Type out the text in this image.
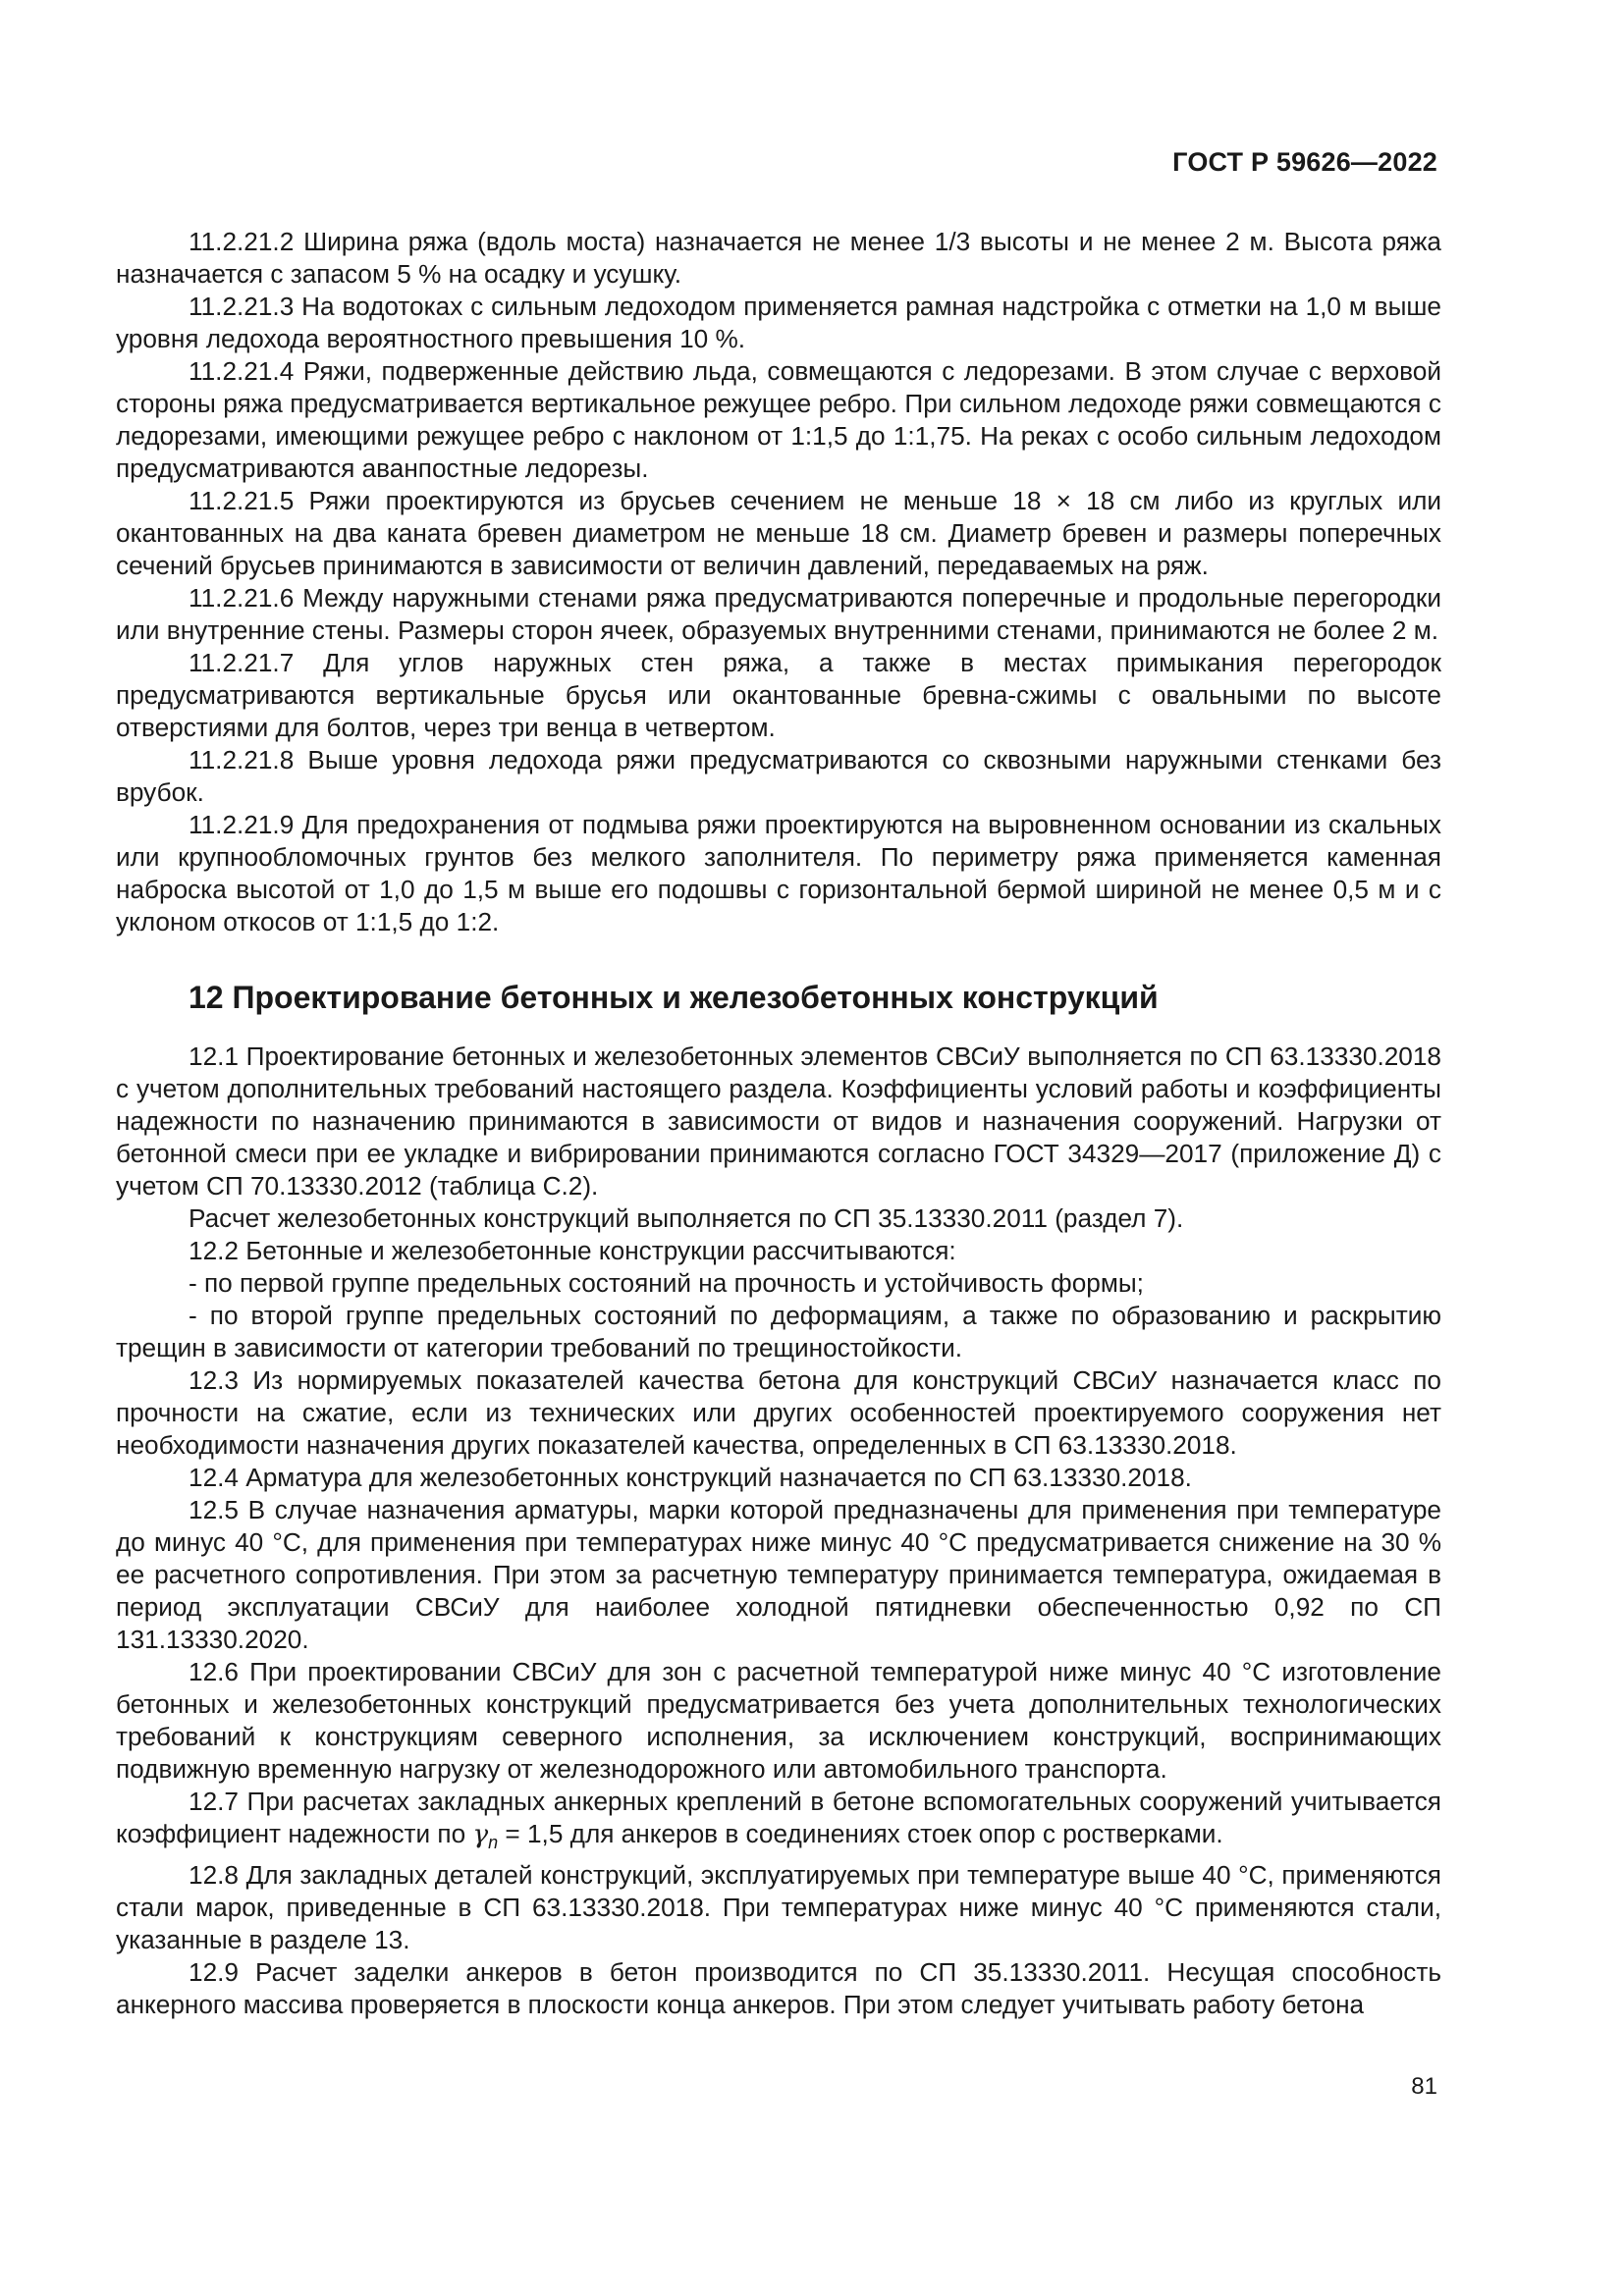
ГОСТ Р 59626—2022

11.2.21.2 Ширина ряжа (вдоль моста) назначается не менее 1/3 высоты и не менее 2 м. Высота ряжа назначается с запасом 5 % на осадку и усушку.

11.2.21.3 На водотоках с сильным ледоходом применяется рамная надстройка с отметки на 1,0 м выше уровня ледохода вероятностного превышения 10 %.

11.2.21.4 Ряжи, подверженные действию льда, совмещаются с ледорезами. В этом случае с верховой стороны ряжа предусматривается вертикальное режущее ребро. При сильном ледоходе ряжи совмещаются с ледорезами, имеющими режущее ребро с наклоном от 1:1,5 до 1:1,75. На реках с особо сильным ледоходом предусматриваются аванпостные ледорезы.

11.2.21.5 Ряжи проектируются из брусьев сечением не меньше 18 × 18 см либо из круглых или окантованных на два каната бревен диаметром не меньше 18 см. Диаметр бревен и размеры поперечных сечений брусьев принимаются в зависимости от величин давлений, передаваемых на ряж.

11.2.21.6 Между наружными стенами ряжа предусматриваются поперечные и продольные перегородки или внутренние стены. Размеры сторон ячеек, образуемых внутренними стенами, принимаются не более 2 м.

11.2.21.7 Для углов наружных стен ряжа, а также в местах примыкания перегородок предусматриваются вертикальные брусья или окантованные бревна-сжимы с овальными по высоте отверстиями для болтов, через три венца в четвертом.

11.2.21.8 Выше уровня ледохода ряжи предусматриваются со сквозными наружными стенками без врубок.

11.2.21.9 Для предохранения от подмыва ряжи проектируются на выровненном основании из скальных или крупнообломочных грунтов без мелкого заполнителя. По периметру ряжа применяется каменная наброска высотой от 1,0 до 1,5 м выше его подошвы с горизонтальной бермой шириной не менее 0,5 м и с уклоном откосов от 1:1,5 до 1:2.

12 Проектирование бетонных и железобетонных конструкций

12.1 Проектирование бетонных и железобетонных элементов СВСиУ выполняется по СП 63.13330.2018 с учетом дополнительных требований настоящего раздела. Коэффициенты условий работы и коэффициенты надежности по назначению принимаются в зависимости от видов и назначения сооружений. Нагрузки от бетонной смеси при ее укладке и вибрировании принимаются согласно ГОСТ 34329—2017 (приложение Д) с учетом СП 70.13330.2012 (таблица С.2).

Расчет железобетонных конструкций выполняется по СП 35.13330.2011 (раздел 7).

12.2 Бетонные и железобетонные конструкции рассчитываются:

- по первой группе предельных состояний на прочность и устойчивость формы;

- по второй группе предельных состояний по деформациям, а также по образованию и раскрытию трещин в зависимости от категории требований по трещиностойкости.

12.3 Из нормируемых показателей качества бетона для конструкций СВСиУ назначается класс по прочности на сжатие, если из технических или других особенностей проектируемого сооружения нет необходимости назначения других показателей качества, определенных в СП 63.13330.2018.

12.4 Арматура для железобетонных конструкций назначается по СП 63.13330.2018.

12.5 В случае назначения арматуры, марки которой предназначены для применения при температуре до минус 40 °С, для применения при температурах ниже минус 40 °С предусматривается снижение на 30 % ее расчетного сопротивления. При этом за расчетную температуру принимается температура, ожидаемая в период эксплуатации СВСиУ для наиболее холодной пятидневки обеспеченностью 0,92 по СП 131.13330.2020.

12.6 При проектировании СВСиУ для зон с расчетной температурой ниже минус 40 °С изготовление бетонных и железобетонных конструкций предусматривается без учета дополнительных технологических требований к конструкциям северного исполнения, за исключением конструкций, воспринимающих подвижную временную нагрузку от железнодорожного или автомобильного транспорта.

12.7 При расчетах закладных анкерных креплений в бетоне вспомогательных сооружений учитывается коэффициент надежности по $\gamma_n = 1,5$ для анкеров в соединениях стоек опор с ростверками.

12.8 Для закладных деталей конструкций, эксплуатируемых при температуре выше 40 °С, применяются стали марок, приведенные в СП 63.13330.2018. При температурах ниже минус 40 °С применяются стали, указанные в разделе 13.

12.9 Расчет заделки анкеров в бетон производится по СП 35.13330.2011. Несущая способность анкерного массива проверяется в плоскости конца анкеров. При этом следует учитывать работу бетона

81
